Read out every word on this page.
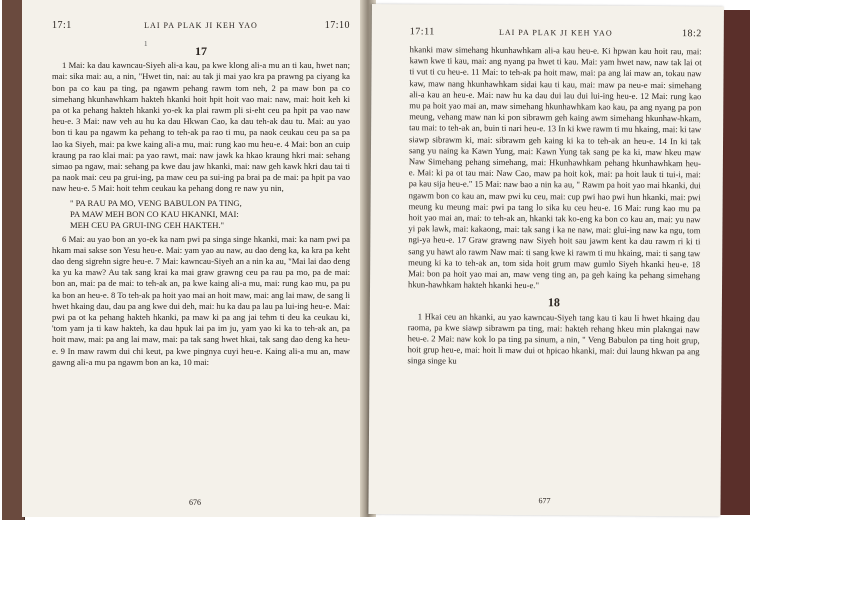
17:1
1
LAI PA PLAK JI KEH YAO	17:10
17

1 Mai: ka dau kawncau-Siyeh ali-a kau, pa kwe klong ali-a mu an ti kau, hwet nan; mai: sika mai: au, a nin, "Hwet tin, nai: au tak ji mai yao kra pa prawng pa ciyang ka bon pa co kau pa ting, pa ngawm pehang rawm tom neh, 2 pa maw bon pa co simehang hkunhawhkam hakteh hkanki hoit hpit hoit vao mai: naw, mai: hoit keh ki pa ot ka pehang hakteh hkanki yo-ek ka plai rawm pli si-eht ceu pa hpit pa vao naw heu-e. 3 Mai: naw veh au hu ka dau Hkwan Cao, ka dau teh-ak dau tu. Mai: au yao bon ti kau pa ngawm ka pehang to teh-ak pa rao ti mu, pa naok ceukau ceu pa sa pa lao ka Siyeh, mai: pa kwe kaing ali-a mu, mai: rung kao mu heu-e. 4 Mai: bon an cuip kraung pa rao klai mai: pa yao rawt, mai: naw jawk ka hkao kraung hkri mai: sehang simao pa ngaw, mai: sehang pa kwe dau jaw hkanki, mai: naw geh kawk hkri dau tai ti pa naok mai: ceu pa grui-ing, pa maw ceu pa sui-ing pa brai pa de mai: pa hpit pa vao naw heu-e. 5 Mai: hoit tehm ceukau ka pehang dong re naw yu nin,

" PA RAU PA MO, VENG BABULON PA TING,
PA MAW MEH BON CO KAU HKANKI, MAI:
MEH CEU PA GRUI-ING CEH HAKTEH."

6 Mai: au yao bon an yo-ek ka nam pwi pa singa singe hkanki, mai: ka nam pwi pa hkam mai sakse son Yesu heu-e. Mai: yam yao au naw, au dao deng ka, ka kra pa keht dao deng sigrehn sigre heu-e. 7 Mai: kawncau-Siyeh an a nin ka au, "Mai lai dao deng ka yu ka maw? Au tak sang krai ka mai graw grawng ceu pa rau pa mo, pa de mai: bon an, mai: pa de mai: to teh-ak an, pa kwe kaing ali-a mu, mai: rung kao mu, pa pu ka bon an heu-e. 8 To teh-ak pa hoit yao mai an hoit maw, mai: ang lai maw, de sang li hwet hkaing dau, dau pa ang kwe dui deh, mai: hu ka dau pa lau pa lui-ing heu-e. Mai: pwi pa ot ka pehang hakteh hkanki, pa maw ki pa ang jai tehm ti deu ka ceukau ki, 'tom yam ja ti kaw hakteh, ka dau hpuk lai pa im ju, yam yao ki ka to teh-ak an, pa hoit maw, mai: pa ang lai maw, mai: pa tak sang hwet hkai, tak sang dao deng ka heu-e. 9 In maw rawm dui chi keut, pa kwe pingnya cuyi heu-e. Kaing ali-a mu an, maw gawng ali-a mu pa ngawm bon an ka, 10 mai:

676
17:11	LAI PA PLAK JI KEH YAO	18:2

hkanki maw simehang hkunhawhkam ali-a kau heu-e. Ki hpwan kau hoit rau, mai: kawn kwe ti kau, mai: ang nyang pa hwet ti kau. Mai: yam hwet naw, naw tak lai ot ti vut ti cu heu-e. 11 Mai: to teh-ak pa hoit maw, mai: pa ang lai maw an, tokau naw kaw, maw nang hkunhawhkam sidai kau ti kau, mai: maw pa neu-e mai: simehang ali-a kau an heu-e. Mai: naw hu ka dau dui lau dui lui-ing heu-e. 12 Mai: rung kao mu pa hoit yao mai an, maw simehang hkunhawhkam kao kau, pa ang nyang pa pon meung, vehang maw nan ki pon sibrawm geh kaing awm simehang hkunhaw-hkam, tau mai: to teh-ak an, buin ti nari heu-e. 13 In ki kwe rawm ti mu hkaing, mai: ki taw siawp sibrawm ki, mai: sibrawm geh kaing ki ka to teh-ak an heu-e. 14 In ki tak sang yu naing ka Kawn Yung, mai: Kawn Yung tak sang pe ka ki, maw hkeu maw Naw Simehang pehang simehang, mai: Hkunhawhkam pehang hkunhawhkam heu-e. Mai: ki pa ot tau mai: Naw Cao, maw pa hoit kok, mai: pa hoit lauk ti tui-i, mai: pa kau sija heu-e." 15 Mai: naw bao a nin ka au, " Rawm pa hoit yao mai hkanki, dui ngawm bon co kau an, maw pwi ku ceu, mai: cup pwi hao pwi hun hkanki, mai: pwi meung ku meung mai: pwi pa tang lo sika ku ceu heu-e. 16 Mai: rung kao mu pa hoit yao mai an, mai: to teh-ak an, hkanki tak ko-eng ka bon co kau an, mai: yu naw yi pak lawk, mai: kakaong, mai: tak sang i ka ne naw, mai: glui-ing naw ka ngu, tom ngi-ya heu-e. 17 Graw grawng naw Siyeh hoit sau jawm kent ka dau rawm ri ki ti sang yu hawt alo rawm Naw mai: ti sang kwe ki rawm ti mu hkaing, mai: ti sang taw meung ki ka to teh-ak an, tom sida hoit grum maw gumlo Siyeh hkanki heu-e. 18 Mai: bon pa hoit yao mai an, maw veng ting an, pa geh kaing ka pehang simehang hkun-hawhkam hakteh hkanki heu-e."

18

1 Hkai ceu an hkanki, au yao kawncau-Siyeh tang kau ti kau li hwet hkaing dau raoma, pa kwe siawp sibrawm pa ting, mai: hakteh rehang hkeu min plakngai naw heu-e. 2 Mai: naw kok lo pa ting pa sinum, a nin, " Veng Babulon pa ting hoit grup, hoit grup heu-e, mai: hoit li maw dui ot hpicao hkanki, mai: dui laung hkwan pa ang singa singe ku

677
